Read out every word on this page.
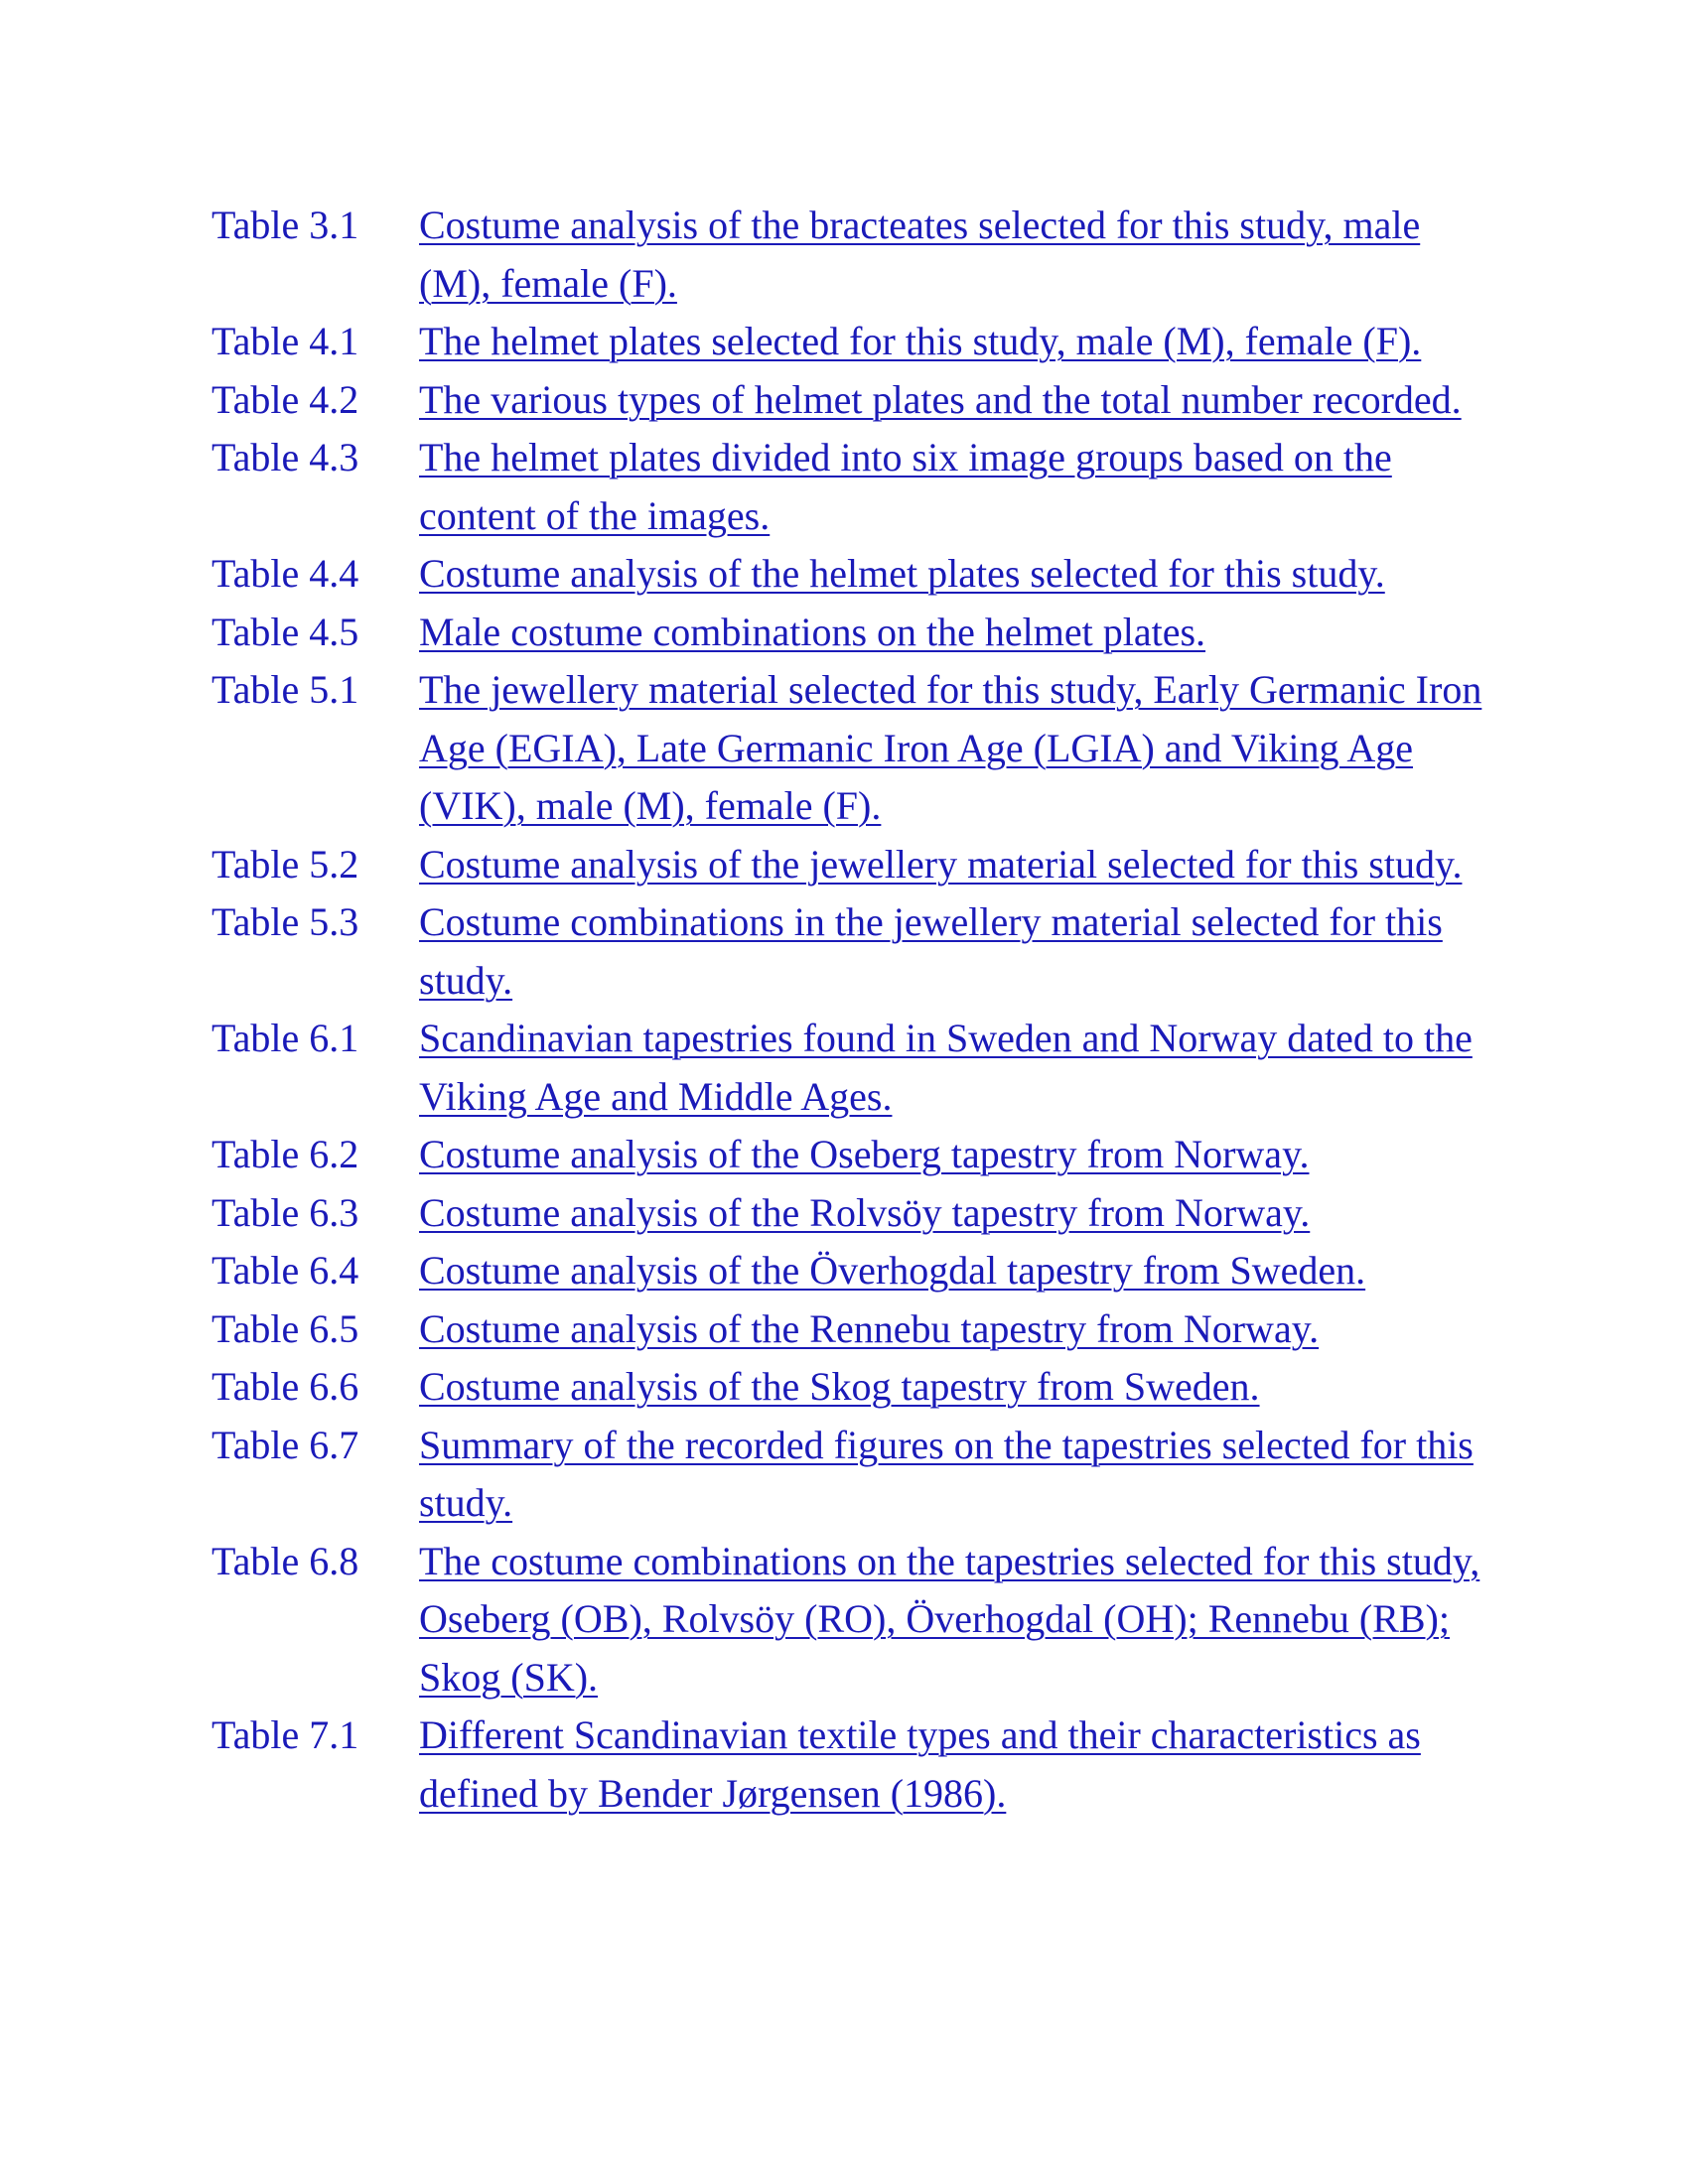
Table 3.1	Costume analysis of the bracteates selected for this study, male (M), female (F).
Table 4.1	The helmet plates selected for this study, male (M), female (F).
Table 4.2	The various types of helmet plates and the total number recorded.
Table 4.3	The helmet plates divided into six image groups based on the content of the images.
Table 4.4	Costume analysis of the helmet plates selected for this study.
Table 4.5	Male costume combinations on the helmet plates.
Table 5.1	The jewellery material selected for this study, Early Germanic Iron Age (EGIA), Late Germanic Iron Age (LGIA) and Viking Age (VIK), male (M), female (F).
Table 5.2	Costume analysis of the jewellery material selected for this study.
Table 5.3	Costume combinations in the jewellery material selected for this study.
Table 6.1	Scandinavian tapestries found in Sweden and Norway dated to the Viking Age and Middle Ages.
Table 6.2	Costume analysis of the Oseberg tapestry from Norway.
Table 6.3	Costume analysis of the Rolvsöy tapestry from Norway.
Table 6.4	Costume analysis of the Överhogdal tapestry from Sweden.
Table 6.5	Costume analysis of the Rennebu tapestry from Norway.
Table 6.6	Costume analysis of the Skog tapestry from Sweden.
Table 6.7	Summary of the recorded figures on the tapestries selected for this study.
Table 6.8	The costume combinations on the tapestries selected for this study, Oseberg (OB), Rolvsöy (RO), Överhogdal (OH); Rennebu (RB); Skog (SK).
Table 7.1	Different Scandinavian textile types and their characteristics as defined by Bender Jørgensen (1986).
